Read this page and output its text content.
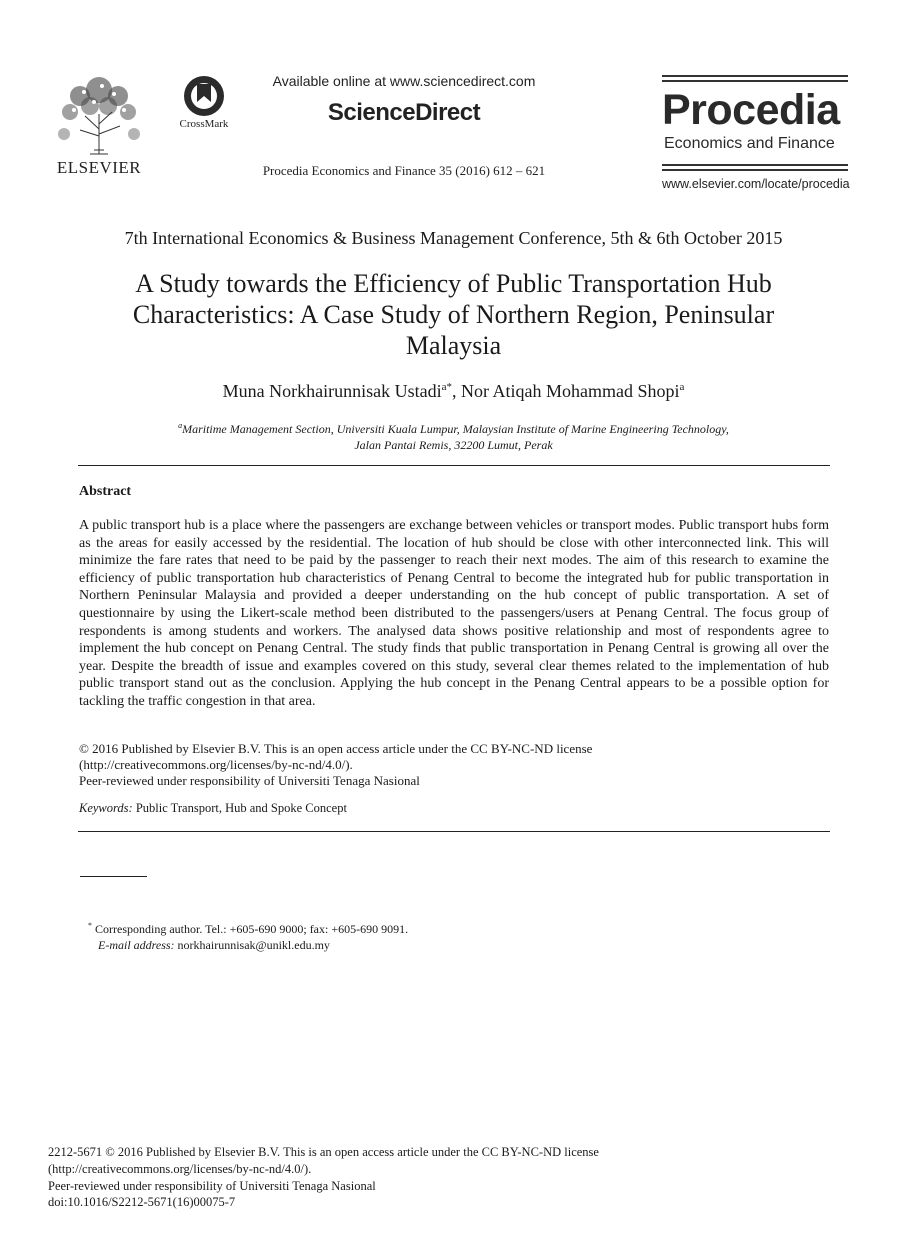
ELSEVIER
CrossMark
Available online at www.sciencedirect.com
ScienceDirect
Procedia Economics and Finance 35 (2016) 612 – 621
Procedia
Economics and Finance
www.elsevier.com/locate/procedia
7th International Economics & Business Management Conference, 5th & 6th October 2015
A Study towards the Efficiency of Public Transportation Hub
Characteristics: A Case Study of Northern Region, Peninsular
Malaysia
Muna Norkhairunnisak Ustadi$^{a*}$, Nor Atiqah Mohammad Shopi$^a$
$^a$Maritime Management Section, Universiti Kuala Lumpur, Malaysian Institute of Marine Engineering Technology,
Jalan Pantai Remis, 32200 Lumut, Perak
Abstract
A public transport hub is a place where the passengers are exchange between vehicles or transport modes. Public transport hubs form as the areas for easily accessed by the residential. The location of hub should be close with other interconnected link. This will minimize the fare rates that need to be paid by the passenger to reach their next modes. The aim of this research to examine the efficiency of public transportation hub characteristics of Penang Central to become the integrated hub for public transportation in Northern Peninsular Malaysia and provided a deeper understanding on the hub concept of public transportation. A set of questionnaire by using the Likert-scale method been distributed to the passengers/users at Penang Central. The focus group of respondents is among students and workers. The analysed data shows positive relationship and most of respondents agree to implement the hub concept on Penang Central. The study finds that public transportation in Penang Central is growing all over the year. Despite the breadth of issue and examples covered on this study, several clear themes related to the implementation of hub public transport stand out as the conclusion. Applying the hub concept in the Penang Central appears to be a possible option for tackling the traffic congestion in that area.
© 2016 Published by Elsevier B.V. This is an open access article under the CC BY-NC-ND license
(http://creativecommons.org/licenses/by-nc-nd/4.0/).
Peer-reviewed under responsibility of Universiti Tenaga Nasional
Keywords: Public Transport, Hub and Spoke Concept
* Corresponding author. Tel.: +605-690 9000; fax: +605-690 9091.
E-mail address: norkhairunnisak@unikl.edu.my
2212-5671 © 2016 Published by Elsevier B.V. This is an open access article under the CC BY-NC-ND license
(http://creativecommons.org/licenses/by-nc-nd/4.0/).
Peer-reviewed under responsibility of Universiti Tenaga Nasional
doi:10.1016/S2212-5671(16)00075-7
